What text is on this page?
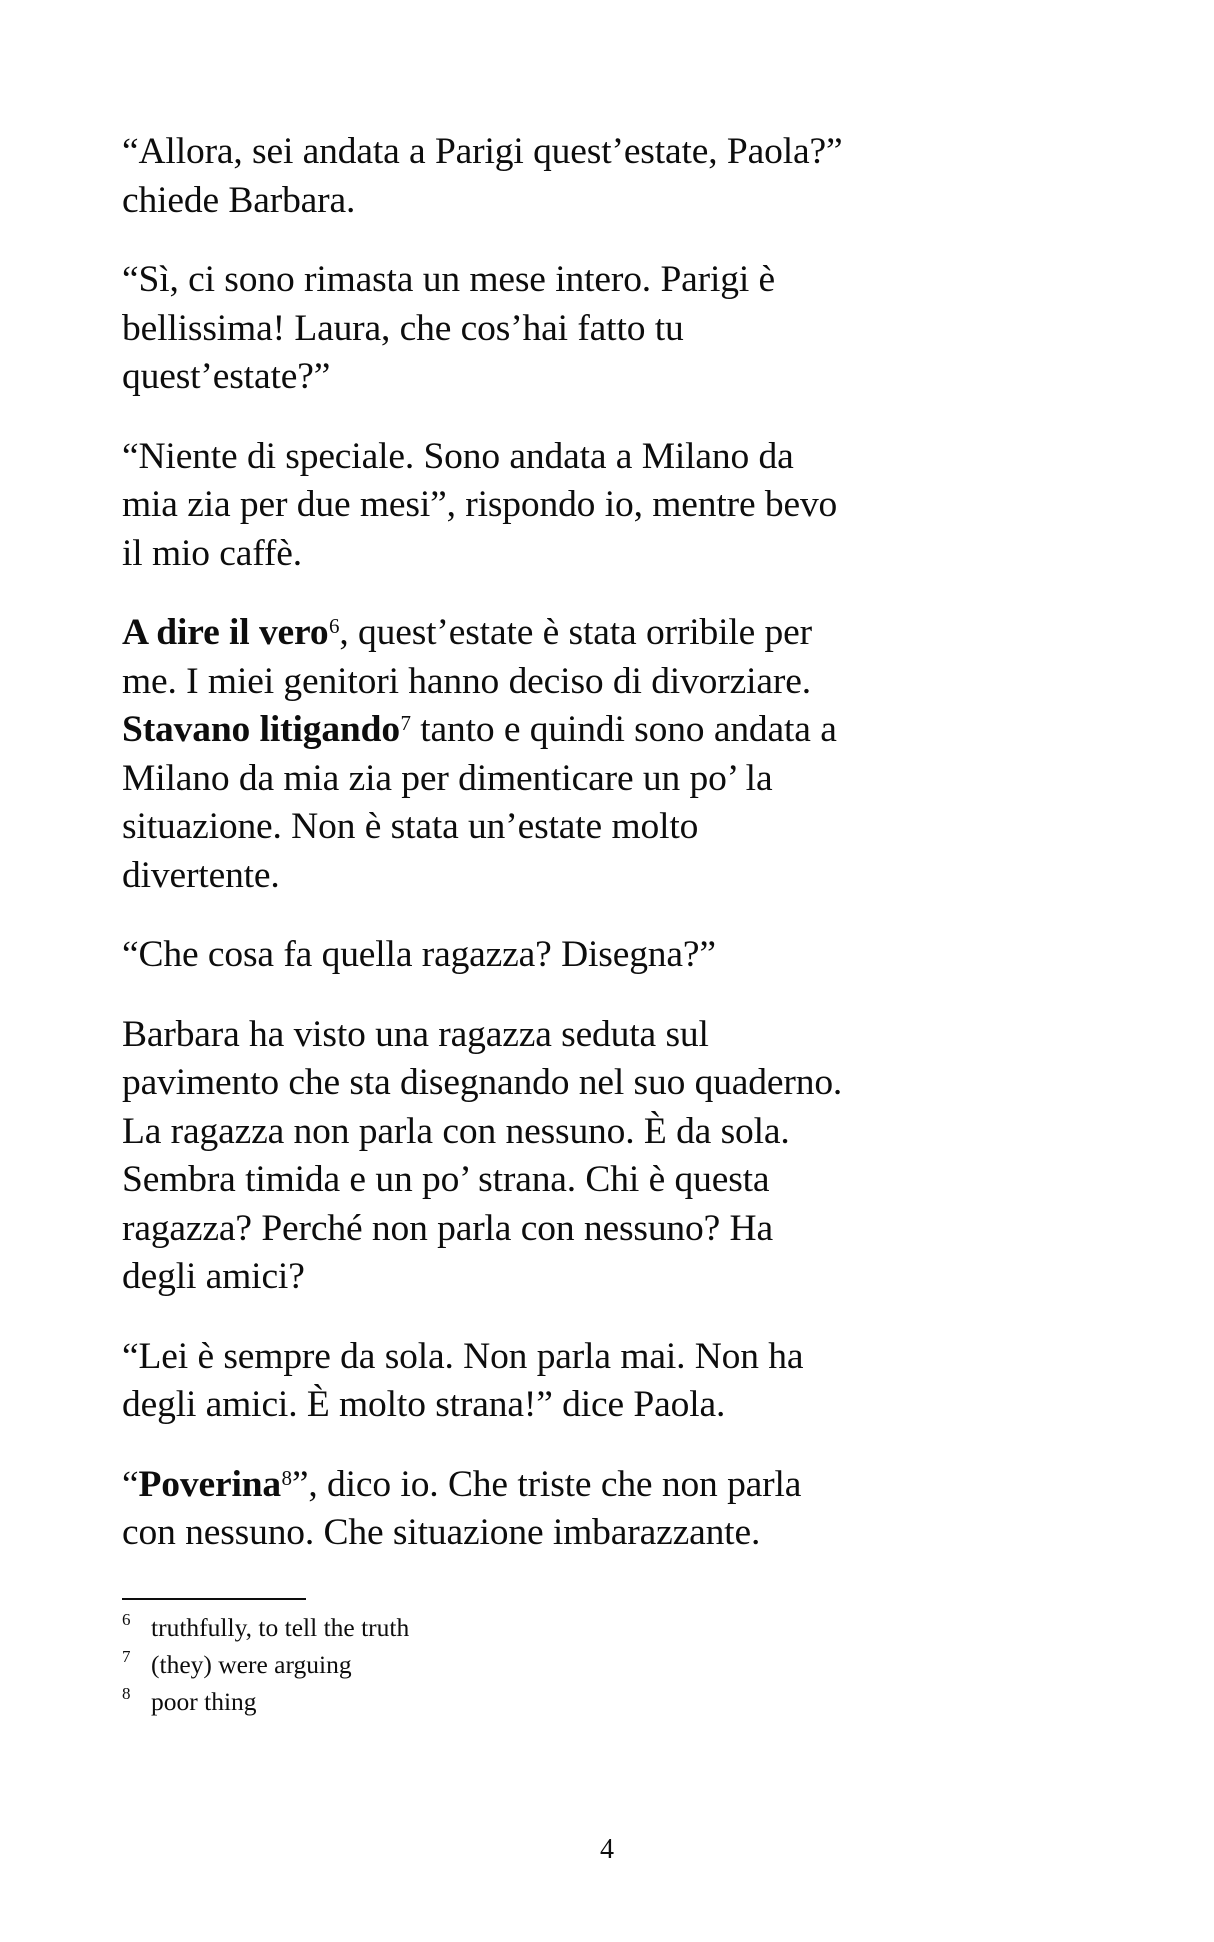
“Allora, sei andata a Parigi quest’estate, Paola?” chiede Barbara.

“Sì, ci sono rimasta un mese intero. Parigi è bellissima! Laura, che cos’hai fatto tu quest’estate?”

“Niente di speciale. Sono andata a Milano da mia zia per due mesi”, rispondo io, mentre bevo il mio caffè.

A dire il vero$^6$, quest’estate è stata orribile per me. I miei genitori hanno deciso di divorziare. Stavano litigando$^7$ tanto e quindi sono andata a Milano da mia zia per dimenticare un po’ la situazione. Non è stata un’estate molto divertente.

“Che cosa fa quella ragazza? Disegna?”

Barbara ha visto una ragazza seduta sul pavimento che sta disegnando nel suo quaderno. La ragazza non parla con nessuno. È da sola. Sembra timida e un po’ strana. Chi è questa ragazza? Perché non parla con nessuno? Ha degli amici?

“Lei è sempre da sola. Non parla mai. Non ha degli amici. È molto strana!” dice Paola.

“Poverina$^8$”, dico io. Che triste che non parla con nessuno. Che situazione imbarazzante.

6 truthfully, to tell the truth
7 (they) were arguing
8 poor thing
4
